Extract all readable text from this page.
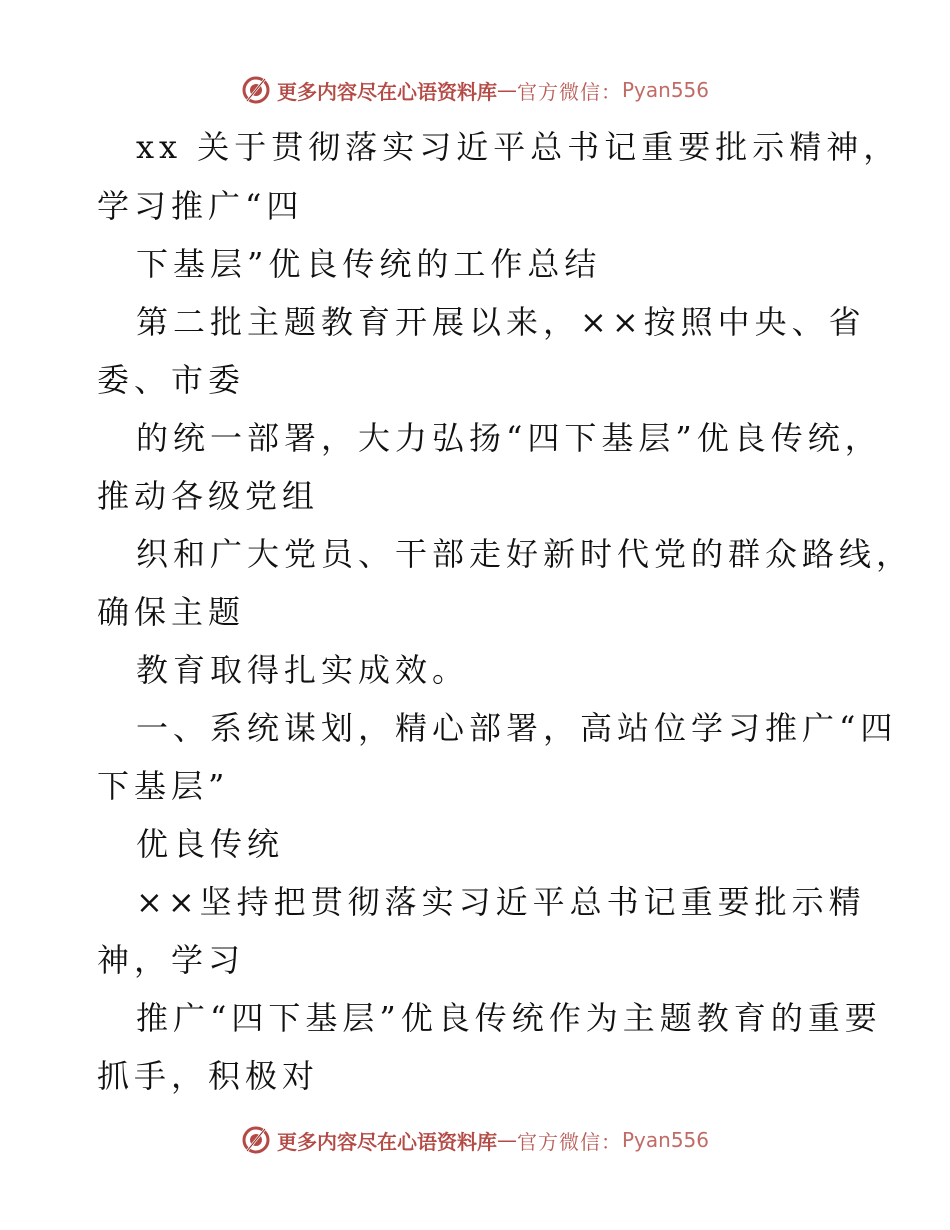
更多内容尽在心语资料库 — 官方微信： Pyan556
xx 关于贯彻落实习近平总书记重要批示精神，
学习推广“四
下基层”优良传统的工作总结
第二批主题教育开展以来，××按照中央、省
委、市委
的统一部署，大力弘扬“四下基层”优良传统，
推动各级党组
织和广大党员、干部走好新时代党的群众路线，
确保主题
教育取得扎实成效。
一、系统谋划，精心部署，高站位学习推广“四
下基层”
优良传统
××坚持把贯彻落实习近平总书记重要批示精
神，学习
推广“四下基层”优良传统作为主题教育的重要
抓手，积极对
更多内容尽在心语资料库 — 官方微信： Pyan556
